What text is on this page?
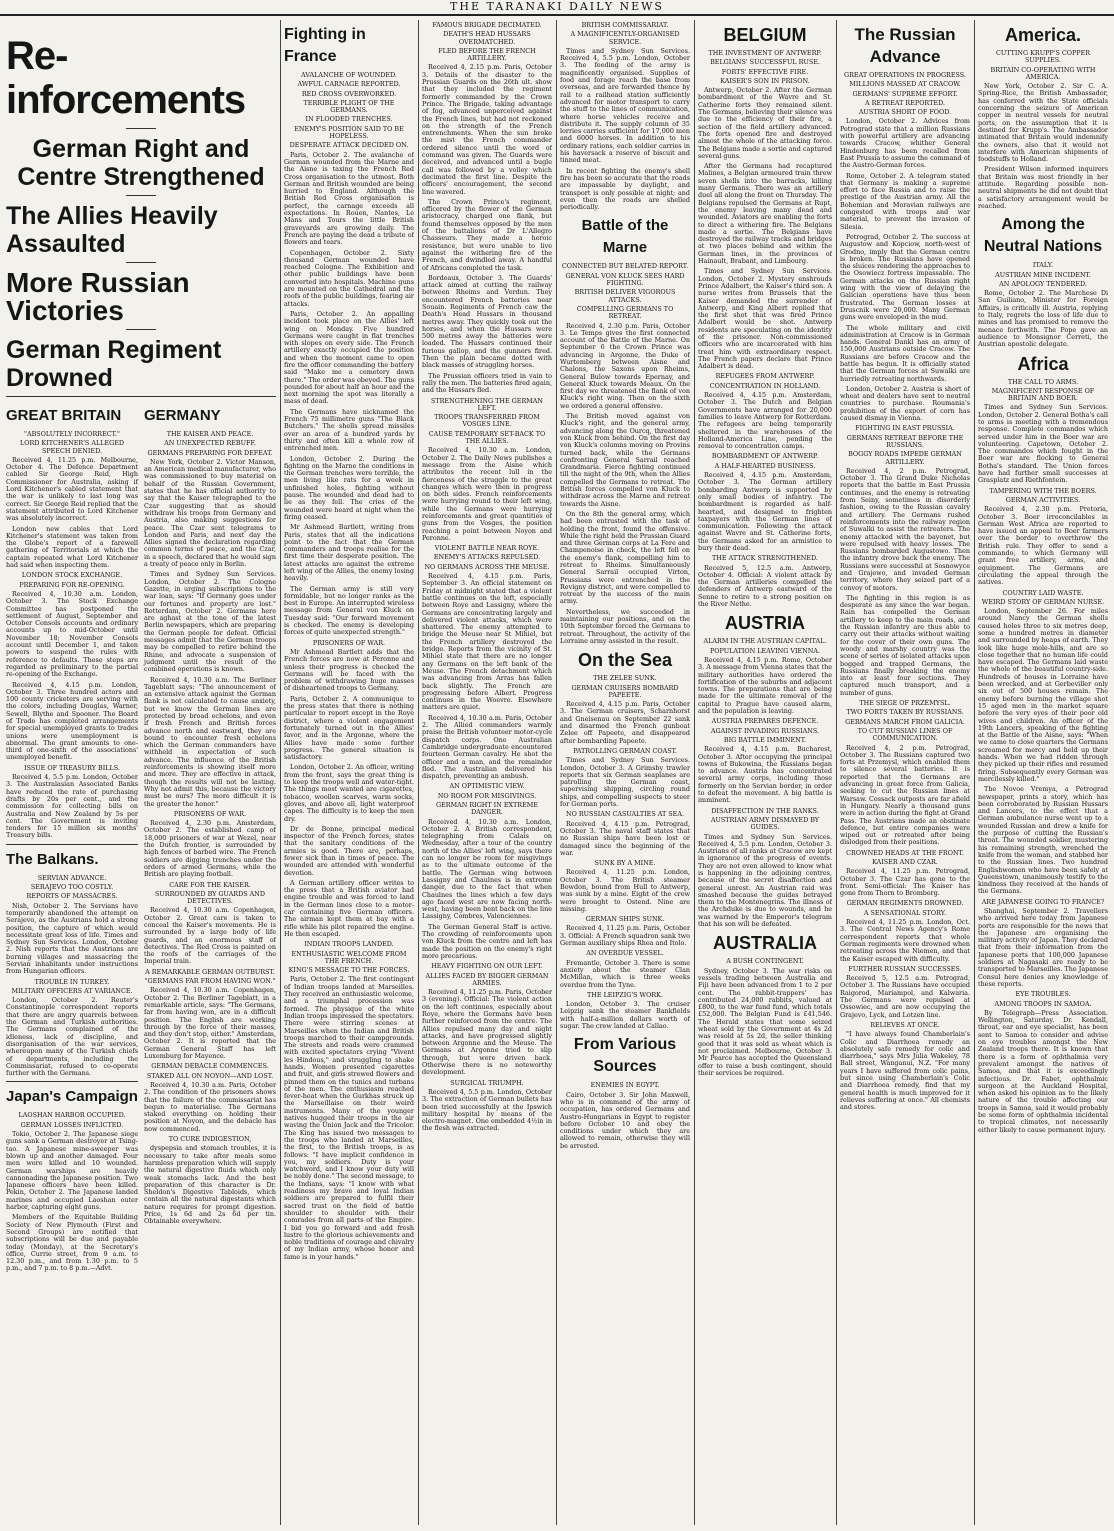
THE TARANAKI DAILY NEWS
Re-inforcements
German Right and Centre Strengthened
The Allies Heavily Assaulted
More Russian Victories
German Regiment Drowned
GREAT BRITAIN
"ABSOLUTELY INCORRECT."
LORD KITCHENER'S ALLEGED SPEECH DENIED.

Received 4, 11.25 p.m. Melbourne, October 4. The Defence Department cabled Sir George Reid, High Commissioner for Australia, asking if Lord Kitchener's cabled statement that the war is unlikely to last long was correct. Sir George Reid replied that the statement attributed to Lord Kitchener was absolutely incorrect.

London new cables that Lord Kitchener's statement was taken from the Globe's report of a farewell gathering of Territorials at which the captain repeated what Lord Kitchener had said when inspecting them.

LONDON STOCK EXCHANGE.
PREPARING FOR RE-OPENING.

Received 4, 10.30 a.m. London, October 3. The Stock Exchange Committee has postponed the settlement of August, September and October Consols accounts and ordinary accounts up to mid-October until November 18; November Consols account until December 1, and taken powers to suspend the rules with reference to defaults. These steps are regarded as preliminary to the partial re-opening of the Exchange.

Received 4, 4.15 p.m. London, October 3. Three hundred actors and 100 county cricketers are serving with the colors, including Douglas, Warner, Sewell, Blythe and Spooner. The Board of Trade has completed arrangements for special unemployed grants to trades unions were unemployment is abnormal. The grant amounts to one-third of one-sixth of the associations' unemployed benefit.

ISSUE OF TREASURY BILLS.

Received 4, 5.5 p.m. London, October 3. The Australasian Associated Banks have reduced the rate of purchasing drafts by 20s per cent., and the commission for collecting bills on Australia and New Zealand by 5s per cent. The Government is inviting tenders for 15 million six months' Treasury bills.

The Balkans.
SERVIAN ADVANCE.
SERAJEVO TOO COSTLY.
REPORTS OF MASSACRES.

Nish, October 2. The Servians have temporarily abandoned the attempt on Serajevo, as the Austrians hold a strong position, the capture of which would necessitate great loss of life. Times and Sydney Sun Services. London, October 2. Nish reports that the Austrians are burning villages and massacring the Servian inhabitants under instructions from Hungarian officers.

TROUBLE IN TURKEY.
MILITARY OFFICERS AT VARIANCE.

London, October 2. Reuter's Constantinople correspondent reports that there are angry quarrels between the German and Turkish authorities. The Germans complained of the idleness, lack of discipline, and disorganisation of the war services, whereupon many of the Turkish chiefs of departments, including the Commissariat, refused to co-operate further with the Germans.

Japan's Campaign
LAOSHAN HARBOR OCCUPIED.
GERMAN LOSSES INFLICTED.

Tokio, October 2. The Japanese siege guns sank a German destroyer at Tsing-tao. A Japanese mine-sweeper was blown up and another damaged. Four men were killed and 10 wounded. German warships are heavily cannonading the Japanese position. Two Japanese officers have been killed. Pekin, October 2. The Japanese landed marines and occupied Laoshan outer harbor, capturing eight guns.

Members of the Equitable Building Society of New Plymouth (First and Second Groups) are notified that subscriptions will be due and payable today (Monday), at the Secretary's office, Currie street, from 9 a.m. to 12.30 p.m., and from 1.30 p.m. to 5 p.m., and 7 p.m. to 8 p.m.—Advt.

GERMANY
THE KAISER AND PEACE.
AN UNEXPECTED REBUFF.
GERMANS PREPARING FOR DEFEAT.

New York, October 2. Victor Manson, an American medical manufacturer, who was commissioned to buy material on behalf of the Russian Government, states that he has official authority to say that the Kaiser telegraphed to the Czar suggesting that as should withdraw his troops from Germany and Austria, also making suggestions for peace. The Czar sent telegrams to London and Paris, and next day the Allies signed the declaration regarding common terms of peace, and the Czar, in a speech, declared that he would sign a treaty of peace only in Berlin.

Times and Sydney Sun Services. London, October 2. The Cologne Gazette, in urging subscriptions to the war loan, says: "If Germany goes under our fortunes and property are lost." Rotterdam, October 2. Germans here are aghast at the tone of the latest Berlin newspapers, which are preparing the German people for defeat. Official messages admit that the German troops may be compelled to retire behind the Rhine, and advocate a suspension of judgment until the result of the combined operations is known.

Received 4, 10.30 a.m. The Berliner Tageblatt says: "The announcement of an extensive attack against the German flank is not calculated to cause anxiety, but we know the German lines are protected by broad echelons, and even if fresh French and British forces advance north and eastward, they are bound to encounter fresh echelons which the German commanders have withheld in expectation of such advance. The influence of the British reinforcements is showing itself more and more. They are effective in attack, though the results will not be lasting. Why not admit this, because the victory must be ours? The more difficult it is the greater the honor."

PRISONERS OF WAR.

Received 4, 2.30 p.m. Amsterdam, October 2. The established camp of 18,000 prisoners of war at Wezel, near the Dutch frontier, is surrounded by high fences of barbed wire. The French soldiers are digging trenches under the orders of armed Germans, while the British are playing football.

CARE FOR THE KAISER.
SURROUNDED BY GUARDS AND DETECTIVES.

Received 4, 10.30 a.m. Copenhagen, October 2. Great care is taken to conceal the Kaiser's movements. He is surrounded by a large body of life guards, and an enormous staff of detectives. The Red Cross is painted on the roofs of the carriages of the Imperial train.

A REMARKABLE GERMAN OUTBURST.
"GERMANS FAR FROM HAVING WON."

Received 4, 10.30 a.m. Copenhagen, October 2. The Berliner Tageblatt, in a remarkable article, says: "The Germans, far from having won, are in a difficult position. The English are working through by the force of their masses, and they don't stop, either." Amsterdam, October 2. It is reported that the German General Staff has left Luxemburg for Mayence.

GERMAN DEBACLE COMMENCES.
STAKED ALL ON NOYON—AND LOST.

Received 4, 10.30 a.m. Paris, October 2. The condition of the prisoners shows that the failure of the commissariat has begun to materialise. The Germans staked everything on holding their position at Noyon, and the debacle has now commenced.

TO CURE INDIGESTION,

dyspepsia and stomach troubles, it is necessary to take after meals some harmless preparation which will supply the natural digestive fluids which only weak stomachs lack. And the best preparation of this character is Dr. Sheldon's Digestive Tabloids, which contain all the natural digestants which nature requires for prompt digestion. Price, 1s 6d and 2s 6d per tin. Obtainable everywhere.

Fighting in France
AVALANCHE OF WOUNDED.
AWFUL CARNAGE REPORTED.
RED CROSS OVERWORKED.
TERRIBLE PLIGHT OF THE GERMANS.
IN FLOODED TRENCHES.
ENEMY'S POSITION SAID TO BE HOPELESS.
DESPERATE ATTACK DECIDED ON.

Paris, October 2. The avalanche of German wounded from the Marne and the Aisne is taxing the French Red Cross organisation to the utmost. Both German and British wounded are being hurried to England. Although the British Red Cross organisation is perfect, the carnage exceeds all expectations. In Rouen, Nantes, Le Mans and Tours the little British graveyards are growing daily. The French are paying the dead a tribute of flowers and tears.

Copenhagen, October 2. Sixty thousand German wounded have reached Cologne. The Exhibition and other public buildings have been converted into hospitals. Machine guns are mounted on the Cathedral and the roofs of the public buildings, fearing air attacks.

Paris, October 2. An appalling incident took place on the Allies' left wing on Monday. Five hundred Germans were caught in flat trenches with slopes on every side. The French artillery exactly occupied the position and when the moment came to open fire the officer commanding the battery said "Make me a cemetery down there." The order was obeyed. The guns pounded for about half an hour and the next morning the spot was literally a mass of dead.

The Germans have nicknamed the French 75 millimetre guns "The Black Butchers." The shells spread missiles over an area of a hundred yards by thirty and often kill a whole row of entrenched men.

London, October 2. During the fighting on the Marne the conditions in the German trenches were terrible, the men living like rats for a week in unfinished holes, fighting without pause. The wounded and dead had to lie as they fell. The cries of the wounded were heard at night when the firing ceased.

Mr Ashmead Bartlett, writing from Paris, states that all the indications point to the fact that the German commanders and troops realise for the first time their desperate position. The latest attacks are against the extreme left wing of the Allies, the enemy losing heavily.

The German army is still very formidable, but no longer ranks as the best in Europe. An interrupted wireless message from General von Kluck on Tuesday said: "Our forward movement is checked. The enemy is developing forces of quite unexpected strength."

PRISONERS OF WAR.

Mr Ashmead Bartlett adds that the French forces are now at Peronne and unless their progress is checked the Germans will be faced with the problem of withdrawing huge masses of disheartened troops to Germany.

Paris, October 2. A communique to the press states that there is nothing particular to report except in the Roye district, where a violent engagement fortunately turned out in the Allies' favor, and in the Argonne, where the Allies have made some further progress. The general situation is satisfactory.

London, October 2. An officer, writing from the front, says the great thing is to keep the troops well and water-tight. The things most wanted are cigarettes, tobacco, woollen scarves, warm socks, gloves, and above all, light waterproof capes. The difficulty is to keep the men dry.

Dr de Bonne, principal medical inspector of the French forces, states that the sanitary conditions of the armies is good. There are, perhaps, fewer sick than in times of peace. The wounded are attended with wonderful devotion.

A German artillery officer writes to the press that a British aviator had engine trouble and was forced to land in the German lines close to a motor-car containing five German officers. The airman kept them at bay with a rifle while his pilot repaired the engine. He then escaped.

INDIAN TROOPS LANDED.
ENTHUSIASTIC WELCOME FROM THE FRENCH.
KING'S MESSAGE TO THE FORCES.

Paris, October 2. The first contingent of Indian troops landed at Marseilles. They received an enthusiastic welcome, and a triumphal procession was formed. The physique of the white Indian troops impressed the spectators. There were stirring scenes at Marseilles when the Indian and British troops marched to their campgrounds. The streets and roads were crammed with excited spectators crying "Vivent les Hindous," and struggling to shake hands. Women presented cigarettes and fruit, and girls strewed flowers and pinned them on the tunics and turbans of the men. The enthusiasm reached fever-heat when the Gurkhas struck up the Marseillaise on their weird instruments. Many of the younger natives hugged their troops in the air waving the Union Jack and the Tricolor. The King has issued two messages to the troops who landed at Marseilles, the first, to the British troops, is as follows: "I have implicit confidence in you, my soldiers. Duty is your watchword, and I know your duty will be nobly done." The second message, to the Indians, says: "I know with what readiness my brave and loyal Indian soldiers are prepared to fulfil their sacred trust on the field of battle shoulder to shoulder with their comrades from all parts of the Empire. I bid you go forward and add fresh lustre to the glorious achievements and noble traditions of courage and chivalry of my Indian army, whose honor and fame is in your hands."

FAMOUS BRIGADE DECIMATED.
DEATH'S HEAD HUSSARS OVERMATCHED.
FLED BEFORE THE FRENCH ARTILLERY.

Received 4, 2.15 p.m. Paris, October 3. Details of the disaster to the Prussian Guards on the 26th ult. show that they included the regiment formerly commanded by the Crown Prince. The Brigade, taking advantage of fog, advanced unperceived against the French lines, but had not reckoned on the strength of the French entrenchments. When the sun broke the mist the French commander ordered silence until the word of command was given. The Guards were deceived, and advanced until a bugle call was followed by a volley which decimated the first line. Despite the officers' encouragement, the second line wavered.

The Crown Prince's regiment, officered by the flower of the German aristocracy, charged one flank, but found themselves opposed by the men of the battalions of Dr L'Allegro Chasseurs. They made a heroic resistance, but were unable to live against the withering fire of the French, and dwindled away. A handful of Africans completed the task.

Bordeaux, October 3. The Guards' attack aimed at cutting the railway between Rheims and Verdun. They encountered French batteries near Souain. Regiments of French caw the Death's Head Hussars in thousand metres away. They quickly took out the horses, and when the Hussars were 500 metres away the batteries were loaded. The Hussars continued their furious gallop, and the gunners fired. Then the plain became dotted with black masses of struggling horses.

The Prussian officers tried in vain to rally the men. The batteries fired again, and the Hussars fled.

STRENGTHENING THE GERMAN LEFT.
TROOPS TRANSFERRED FROM VOSGES LINE.
CAUSE TEMPORARY SET-BACK TO THE ALLIES.

Received 4, 10.30 a.m. London, October 2. The Daily News publishes a message from the Aisne which attributes the recent lull in the fierceness of the struggle to the great changes which were then in progress on both sides. French reinforcements were hurrying round to their left wing, while the Germans were hurrying reinforcements and great quantities of guns from the Vosges, the position reaching a point between Noyon and Peronne.

VIOLENT BATTLE NEAR ROYE.
ENEMY'S ATTACKS REPULSED.
NO GERMANS ACROSS THE MEUSE.

Received 4, 4.15 p.m. Paris, September 3. An official statement on Friday at midnight stated that a violent battle continues on the left, especially between Roye and Lassigny, where the Germans are concentrating largely and delivered violent attacks, which were shattered. The enemy attempted to bridge the Meuse near St Mihiel, but the French artillery destroyed the bridge. Reports from the vicinity of St. Mihiel state that there are no longer any Germans on the left bank of the Meuse. The French detachment which was advancing from Arras has fallen back slightly. The French are progressing before Albert. Progress continues in the Woevre. Elsewhere matters are quiet.

Received 4, 10.30 a.m. Paris, October 2. The Allied commanders warmly praise the British volunteer motor-cycle dispatch corps. One Australian Cambridge undergraduate encountered fourteen German cavalry. He shot the officer and a man, and the remainder fled. The Australian delivered his dispatch, preventing an ambush.

AN OPTIMISTIC VIEW.
NO ROOM FOR MISGIVINGS.
GERMAN RIGHT IN EXTREME DANGER.

Received 4, 10.30 a.m. London, October 2. A British correspondent, telegraphing from Calais on Wednesday, after a tour of the country north of the Allies' left wing, says there can no longer be room for misgivings as to the ultimate outcome of the battle. The German wing between Lassigny and Chaulnes is in extreme danger, due to the fact that when Chaulnes the lines which a few days ago faced west are now facing north-west, having been bent back on the line Lassigny, Combres, Valenciennes.

The German General Staff is active. The crowding of reinforcements upon von Kluck from the centre and left has made the position on the enemy's right more precarious.

HEAVY FIGHTING ON OUR LEFT.
ALLIES FACED BY BIGGER GERMAN ARMIES.

Received 4, 11.25 p.m. Paris, October 3 (evening). Official: The violent action on the left continues, especially about Roye, where the Germans have been further reinforced from the centre. The Allies repulsed many day and night attacks, and have progressed slightly between Argonne and the Meuse. The Germans at Argonne tried to slip through, but were driven back. Otherwise there is no noteworthy development.

SURGICAL TRIUMPH.

Received 4, 5.5 p.m. London, October 3. The extraction of German bullets has been tried successfully at the Ipswich military hospital by means of the electro-magnet. One embedded 4½in in the flesh was extracted.

BRITISH COMMISSARIAT.
A MAGNIFICENTLY-ORGANISED SERVICE.

Times and Sydney Sun Services. Received 4, 5.5 p.m. London, October 3. The feeding of the army is magnificently organised. Supplies of food and forage reach the base from overseas, and are forwarded thence by rail to a railhead station sufficiently advanced for motor transport to carry the stuff to the lines of communication, where horse vehicles receive and distribute it. The supply column of 35 lorries carries sufficient for 17,000 men and 6000 horses. In addition to his ordinary rations, each soldier carries in his haversack a reserve of biscuit and tinned meat.

In recent fighting the enemy's shell fire has been so accurate that the roads are impassable by daylight, and transport is only possible at night; and even then the roads are shelled periodically.

Battle of the Marne
CONNECTED BUT BELATED REPORT.
GENERAL VON KLUCK SEES HARD FIGHTING.
BRITISH DELIVER VIGOROUS ATTACKS.
COMPELLING GERMANS TO RETREAT.

Received 4, 2.30 p.m. Paris, October 3. Le Temps gives the first connected account of the Battle of the Marne. On September 6 the Crown Prince was advancing in Argonne, the Duke of Wurtemberg between Aisne and Chalons, the Saxons upon Rheims, General Bulow towards Epernay, and General Kluck towards Meaux. On the first day we threatened the flank of von Kluck's right wing. Then on the sixth we ordered a general offensive.

The British moved against von Kluck's right, and the general army, advancing along the Ourcq, threatened von Kluck from behind. On the first day von Kluck's columns moving on Provins turned back, while the Germans confronting General Sarrail reached Grandmaria. Fierce fighting continued till the night of the 9th, when the Allies compelled the Germans to retreat. The British forces compelled von Kluck to withdraw across the Marne and retreat towards the Aisne.

On the 8th the general army, which had been entrusted with the task of holding the front, found the offensive. While the right held the Prussian Guard and three German corps at La Fere and Champenoise in check, the left fell on the enemy's flank, compelling him to retreat to Rheims. Simultaneously General Sarrail occupied Virton, Prussians were entrenched in the Revigny district, and were compelled to retreat by the success of the main army.

Nevertheless, we succeeded in maintaining our positions, and on the 10th September forced the Germans to retreat. Throughout, the activity of the Lorraine army assisted in the result.

On the Sea
THE ZELEE SUNK.
GERMAN CRUISERS BOMBARD PAPEETE.

Received 4, 4.15 p.m. Paris, October 3. The German cruisers, Scharnhorst and Gneisenau on September 22 sank and disarmed the French gunboat Zelee off Papeete, and disappeared after bombarding Papeete.

PATROLLING GERMAN COAST.

Times and Sydney Sun Services. London, October 3. A Grimsby trawler reports that six German seaplanes are patrolling the German coast, supervising shipping, circling round ships, and compelling suspects to steer for German ports.

NO RUSSIAN CASUALTIES AT SEA.

Received 4, 4.15 p.m. Petrograd, October 3. The naval staff states that no Russian ships have been lost or damaged since the beginning of the war.

SUNK BY A MINE.

Received 4, 11.25 p.m. London, October 3. The British steamer Bowdon, bound from Hull to Antwerp, was sunk by a mine. Eight of the crew were brought to Ostend. Nine are missing.

GERMAN SHIPS SUNK.

Received 4, 11.25 p.m. Paris, October 3. Official: A French squadron sank two German auxiliary ships Rhea and Itolo.

AN OVERDUE VESSEL.

Fremantle, October 3. There is some anxiety about the steamer Clan McMillan, which is three weeks overdue from the Tyne.

THE LEIPZIG'S WORK.

London, October 3. The cruiser Leipzig sank the steamer Bankfields with half-a-million dollars worth of sugar. The crew landed at Callao.

From Various Sources
ENEMIES IN EGYPT.

Cairo, October 3. Sir John Maxwell, who is in command of the army of occupation, has ordered Germans and Austro-Hungarians in Egypt to register before October 10 and obey the conditions under which they are allowed to remain, otherwise they will be arrested.

BELGIUM
THE INVESTMENT OF ANTWERP.
BELGIANS' SUCCESSFUL RUSE.
FORTS' EFFECTIVE FIRE.
KAISER'S SON IN PRISON.

Antwerp, October 2. After the German bombardment of the Wavre and St. Catherine forts they remained silent. The Germans, believing their silence was due to the efficiency of their fire, a section of the field artillery advanced. The forts opened fire and destroyed almost the whole of the attacking force. The Belgians made a sortie and captured several guns.

After the Germans had recaptured Malines, a Belgian armoured train threw seven shells into the barracks, killing many Germans. There was an artillery duel all along the front on Thursday. The Belgians repulsed the Germans at Rupt, the enemy leaving many dead and wounded. Aviators are enabling the forts to direct a withering fire. The Belgians made a sortie. The Belgians have destroyed the railway tracks and bridges at two places behind and within the German lines, in the provinces of Hainault, Brabant, and Limbourg.

Times and Sydney Sun Services. London, October 2. Mystery enshrouds Prince Adalbert, the Kaiser's third son. A nurse writes from Brussels that the Kaiser demanded the surrender of Antwerp, and King Albert replied that the first shot that was fired Prince Adalbert would be shot. Antwerp residents are speculating on the identity of the prisoner. Non-commissioned officers who are incarcerated with him treat him with extraordinary respect. The French papers declare that Prince Adalbert is dead.

REFUGEES FROM ANTWERP.
CONCENTRATION IN HOLLAND.

Received 4, 4.15 p.m. Amsterdam, October 3. The Dutch and Belgian Governments have arranged for 20,000 families to leave Antwerp for Rotterdam. The refugees are being temporarily sheltered in the warehouses of the Holland-America Line, pending the removal to concentration camps.

BOMBARDMENT OF ANTWERP.
A HALF-HEARTED BUSINESS.

Received 4, 4.15 p.m. Amsterdam, October 3. The German artillery bombarding Antwerp is supported by only small bodies of infantry. The bombardment is regarded as half-hearted, and designed to frighten taxpayers with the German lines of communication. Following the attack against Wavre and St. Catherine forts, the Germans asked for an armistice to bury their dead.

THE ATTACK STRENGTHENED.

Received 5, 12.5 a.m. Antwerp, October 4. Official: A violent attack by the German artilleries compelled the defenders of Antwerp eastward of the Senne to retire to a strong position on the River Nethe.

AUSTRIA
ALARM IN THE AUSTRIAN CAPITAL.
POPULATION LEAVING VIENNA.

Received 4, 4.15 p.m. Rome, October 3. A message from Vienna states that the military authorities have ordered the fortification of the suburbs and adjacent towns. The preparations that are being made for the ultimate removal of the capital to Prague have caused alarm, and the population is leaving.

AUSTRIA PREPARES DEFENCE.
AGAINST INVADING RUSSIANS.
BIG BATTLE IMMINENT.

Received 4, 4.15 p.m. Bucharest, October 3. After occupying the principal towns of Bukowina, the Russians began to advance. Austria has concentrated several army corps, including those formerly on the Servian border, in order to defeat the movement. A big battle is imminent.

DISAFFECTION IN THE RANKS.
AUSTRIAN ARMY DISMAYED BY GUIDES.

Times and Sydney Sun Services. Received 4, 5.5 p.m. London, October 3. Austrians of all ranks at Cracow are kept in ignorance of the progress of events. They are not even allowed to know what is happening in the adjoining centres, because of the secret disaffection and general unrest. An Austrian raid was smashed because the guides betrayed them to the Montenegrins. The illness of the Archduke is due to wounds, and he was warned by the Emperor's telegram that his son will be defeated.

AUSTRALIA
A BUSH CONTINGENT.

Sydney, October 3. The war risks on vessels trading between Australia and Fiji have been advanced from 1 to 2 per cent. The rabbit-trappers' has contributed 24,000 rabbits, valued at £800, to the war fund fund, which totals £52,000. The Belgian Fund is £41,546. The Herald states that some seized wheat sold by the Government at 4s 2d was resold at 5s 2d, the seller thinking good that it was sold as wheat which is not proclaimed. Melbourne, October 3. Mr Pearce has accepted the Queensland offer to raise a bush contingent, should their services be required.

The Russian Advance
GREAT OPERATIONS IN PROGRESS.
MILLIONS MASSED AT CRACOW.
GERMANS' SUPREME EFFORT.
A RETREAT REPORTED.
AUSTRIA SHORT OF FOOD.

London, October 2. Advices from Petrograd state that a million Russians with powerful artillery are advancing towards Cracow, whither General Hindenburg has been recalled from East Prussia to assume the command of the Austro-German forces.

Rome, October 2. A telegram stated that Germany is making a supreme effort to face Russia and to raise the prestige of the Austrian army. All the Bohemian and Moravian railways are congested with troops and war material, to prevent the invasion of Silesia.

Petrograd, October 2. The success at Augustow and Kopciow, north-west of Grodno, imply that the German centre is broken. The Russians have opened the sluices rendering the approaches to the Osowiecz fortress impassable. The German attacks on the Russian right wing with the view of delaying the Galician operations have thus been frustrated. The German losses at Druscnik were 20,000. Many German guns were enveloped in the mud.

The whole military and civil administration at Cracow is in German hands. General Dankl has an army of 150,000 Austrians outside Cracow. The Russians are before Cracow and the battle has begun. It is officially stated that the German forces at Suwalki are hurriedly retreating northwards.

London, October 2. Austria is short of wheat and dealers have sent to neutral countries to purchase. Roumania's prohibition of the export of corn has caused dismay in Vienna.

FIGHTING IN EAST PRUSSIA.
GERMANS RETREAT BEFORE THE RUSSIANS.
BOGGY ROADS IMPEDE GERMAN ARTILLERY.

Received 4, 2 p.m. Petrograd, October 3. The Grand Duke Nicholas reports that the battle in East Prussia continues, and the enemy is retreating from Seiny, sometimes in disorderly fashion, owing to the Russian cavalry and artillery. The Germans rushed reinforcements into the railway region of Suwalki to assist the retreaters. The enemy attacked with the bayonet, but were repulsed with heavy losses. The Russians bombarded Augustowo. Then the infantry drove back the enemy. The Russians were successful at Sosnowyce and Grajewo, and invaded German territory, where they seized part of a convoy of motors.

The fighting in this region is as desperate as any since the war began. Rain has compelled the German artillery to keep to the main roads, and the Russian infantry are thus able to carry out their attacks without waiting for the cover of their own guns. The woody and marshy country was the scene of series of isolated attacks upon bogged and trapped Germans, the Russians finally breaking the enemy into at least four sections. They captured much transport, and a number of guns.

THE SIEGE OF PRZEMYSL.
TWO FORTS TAKEN BY RUSSIANS.
GERMANS MARCH FROM GALICIA.
TO CUT RUSSIAN LINES OF COMMUNICATION.

Received 4, 2 p.m. Petrograd, October 3. The Russians captured two forts at Przemysl, which enabled them to silence several batteries. It is reported that the Germans are advancing in great force from Galicia, seeking to cut the Russian lines at Warsaw. Cossack outposts are far afield in Hungary. Nearly a thousand guns were in action during the fight at Grand Pass. The Austrians made an obstinate defence, but entire companies were wiped out or retreated after being dislodged from their positions.

CROWNED HEADS AT THE FRONT.
KAISER AND CZAR.

Received 4, 11.25 p.m. Petrograd, October 3. The Czar has gone to the front. Semi-official: The Kaiser has gone from Thorn to Bromberg.

GERMAN REGIMENTS DROWNED.
A SENSATIONAL STORY.

Received 4, 11.25 p.m. London, Oct. 3. The Central News Agency's Rome correspondent reports that whole German regiments were drowned when retreating across the Niemen, and that the Kaiser escaped with difficulty.

FURTHER RUSSIAN SUCCESSES.

Received 5, 12.5 a.m. Petrograd, October 3. The Russians have occupied Raigorod, Mariampol, and Kalwaria. The Germans were repulsed at Ossowiec, and are now occupying the Grajevo, Lyck, and Lotzen line.

RELIEVES AT ONCE.

"I have always found Chamberlain's Colic and Diarrhoea remedy an absolutely safe remedy for colic and diarrhoea," says Mrs Julia Wakeley, 78 Ball street, Wanganui, N.Z. "For many years I have suffered from colic pains, but since using Chamberlain's Colic and Diarrhoea remedy, find that my general health is much improved for it relieves suffering at once." All chemists and stores.

America.
CUTTING KRUPP'S COPPER SUPPLIES.
BRITAIN CO-OPERATING WITH AMERICA.

New York, October 2. Sir C. A. Spring-Rice, the British Ambassador, has conferred with the State officials concerning the seizure of American copper in neutral vessels for neutral ports, on the assumption that it is destined for Krupp's. The Ambassador intimated that Britain would indemnify the owners, also that it would not interfere with American shipments of foodstuffs to Holland.

President Wilson informed inquirers that Britain was most friendly in her attitude. Regarding possible non-neutral shipments he did not doubt that a satisfactory arrangement would be reached.

Among the Neutral Nations
ITALY.
AUSTRIAN MINE INCIDENT.
AN APOLOGY TENDERED.

Rome, October 2. The Marchese Di San Guiliano, Minister for Foreign Affairs, is critically ill. Austria, replying to Italy, regrets the loss of life due to mines and has promised to remove the menace forthwith. The Pope gave an audience to Monsignor Cerreti, the Austrian apostolic delegate.

Africa
THE CALL TO ARMS.
MAGNIFICENT RESPONSE OF BRITAIN AND BOER.

Times and Sydney Sun Services. London, October 2. General Botha's call to arms is meeting with a tremendous response. Complete commandos which served under him in the Boer war are volunteering. Capetown, October 2. The commandos which fought in the Boer war are flocking to General Botha's standard. The Union forces have had further small successes at Grasplatz and Riethfontein.

TAMPERING WITH THE BOERS.
GERMAN ACTIVITIES.

Received 4, 2.30 p.m. Pretoria, October 3. Boer irreconcilables in German West Africa are reported to have issued an appeal to Boer farmers over the border to overthrow the British rule. They offer to send a commando, to which Germany will grant free artillery, arms, and equipment. The Germans are circulating the appeal through the natives.

COUNTRY LAID WASTE.
WEIRD STORY OF GERMAN NURSE.

London, September 26. For miles around Nancy the German shells caused holes three to six metres deep, some a hundred metres in diameter and surrounded by heaps of earth. They look like huge mole-hills, and are so close together that no human life could have escaped. The Germans laid waste the whole of the beautiful country-side. Hundreds of houses in Lorraine have been wrecked, and at Gerbeviller only six out of 500 houses remain. The enemy before burning the village shot 15 aged men in the market square before the very eyes of their poor old wives and children. An officer of the 19th Lancers, speaking of the fighting at the Battle of the Aisne, says: "When we came to close quarters the Germans screamed for mercy and held up their hands. When we had ridden through they picked up their rifles and resumed firing. Subsequently every German was mercilessly killed."

The Novoe Vremya, a Petrograd newspaper, prints a story, which has been corroborated by Russian Hussars and Lancers, to the effect that a German ambulance nurse went up to a wounded Russian and drew a knife for the purpose of cutting the Russian's throat. The wounded soldier, mustering his remaining strength, wrenched the knife from the woman, and stabbed her to the Russian lines. Two hundred Englishwomen who have been safely at Queenstown, unanimously testify to the kindness they received at the hands of the Germans.

ARE JAPANESE GOING TO FRANCE?

Shanghai, September 2. Travellers who arrived here today from Japanese ports are responsible for the news that the Japanese are organising the military activity of Japan. They declared that from their information from the Japanese ports that 100,000 Japanese soldiers at Nagasaki are ready to be transported to Marseilles. The Japanese Consul here denies any knowledge of these reports.

EYE TROUBLES.
AMONG TROOPS IN SAMOA.

By Telegraph—Press Association. Wellington, Saturday. Dr. Kendall, throat, ear and eye specialist, has been sent to Samoa to consider and advise on eye troubles amongst the New Zealand troops there. It is known that there is a form of ophthalmia very prevalent amongst the natives of Samoa, and that it is exceedingly infectious. Dr. Fabet, ophthalmic surgeon at the Auckland Hospital, when asked his opinion as to the likely nature of the trouble affecting our troops in Samoa, said it would probably be some form of ophthalmia incidental to tropical climates, not necessarily either likely to cause permanent injury.
